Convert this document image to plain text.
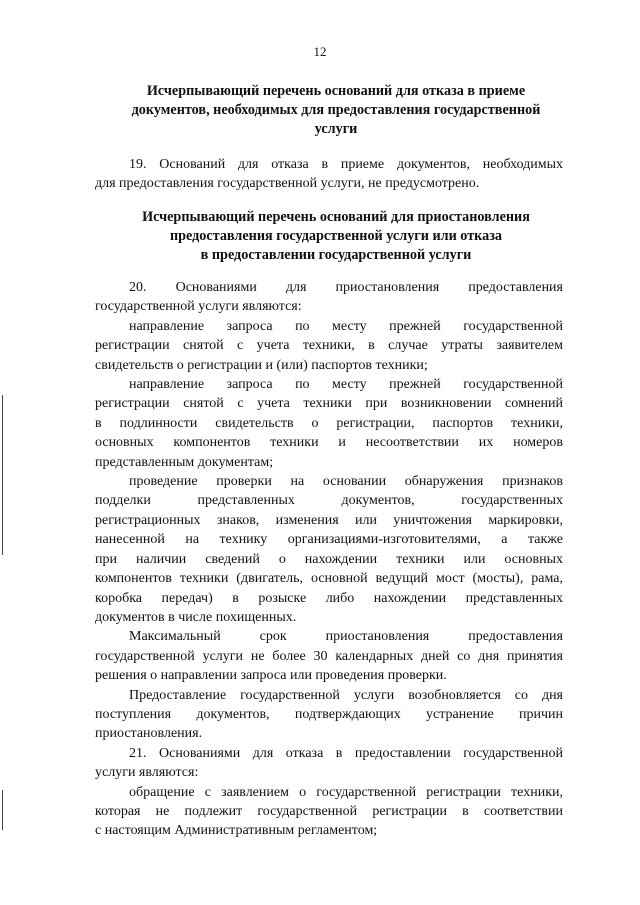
12
Исчерпывающий перечень оснований для отказа в приеме
документов, необходимых для предоставления государственной
услуги
19. Оснований для отказа в приеме документов, необходимых
для предоставления государственной услуги, не предусмотрено.
Исчерпывающий перечень оснований для приостановления
предоставления государственной услуги или отказа
в предоставлении государственной услуги
20. Основаниями для приостановления предоставления
государственной услуги являются:
направление запроса по месту прежней государственной
регистрации снятой с учета техники, в случае утраты заявителем
свидетельств о регистрации и (или) паспортов техники;
направление запроса по месту прежней государственной
регистрации снятой с учета техники при возникновении сомнений
в подлинности свидетельств о регистрации, паспортов техники,
основных компонентов техники и несоответствии их номеров
представленным документам;
проведение проверки на основании обнаружения признаков
подделки представленных документов, государственных
регистрационных знаков, изменения или уничтожения маркировки,
нанесенной на технику организациями-изготовителями, а также
при наличии сведений о нахождении техники или основных
компонентов техники (двигатель, основной ведущий мост (мосты), рама,
коробка передач) в розыске либо нахождении представленных
документов в числе похищенных.
Максимальный срок приостановления предоставления
государственной услуги не более 30 календарных дней со дня принятия
решения о направлении запроса или проведения проверки.
Предоставление государственной услуги возобновляется со дня
поступления документов, подтверждающих устранение причин
приостановления.
21. Основаниями для отказа в предоставлении государственной
услуги являются:
обращение с заявлением о государственной регистрации техники,
которая не подлежит государственной регистрации в соответствии
с настоящим Административным регламентом;
